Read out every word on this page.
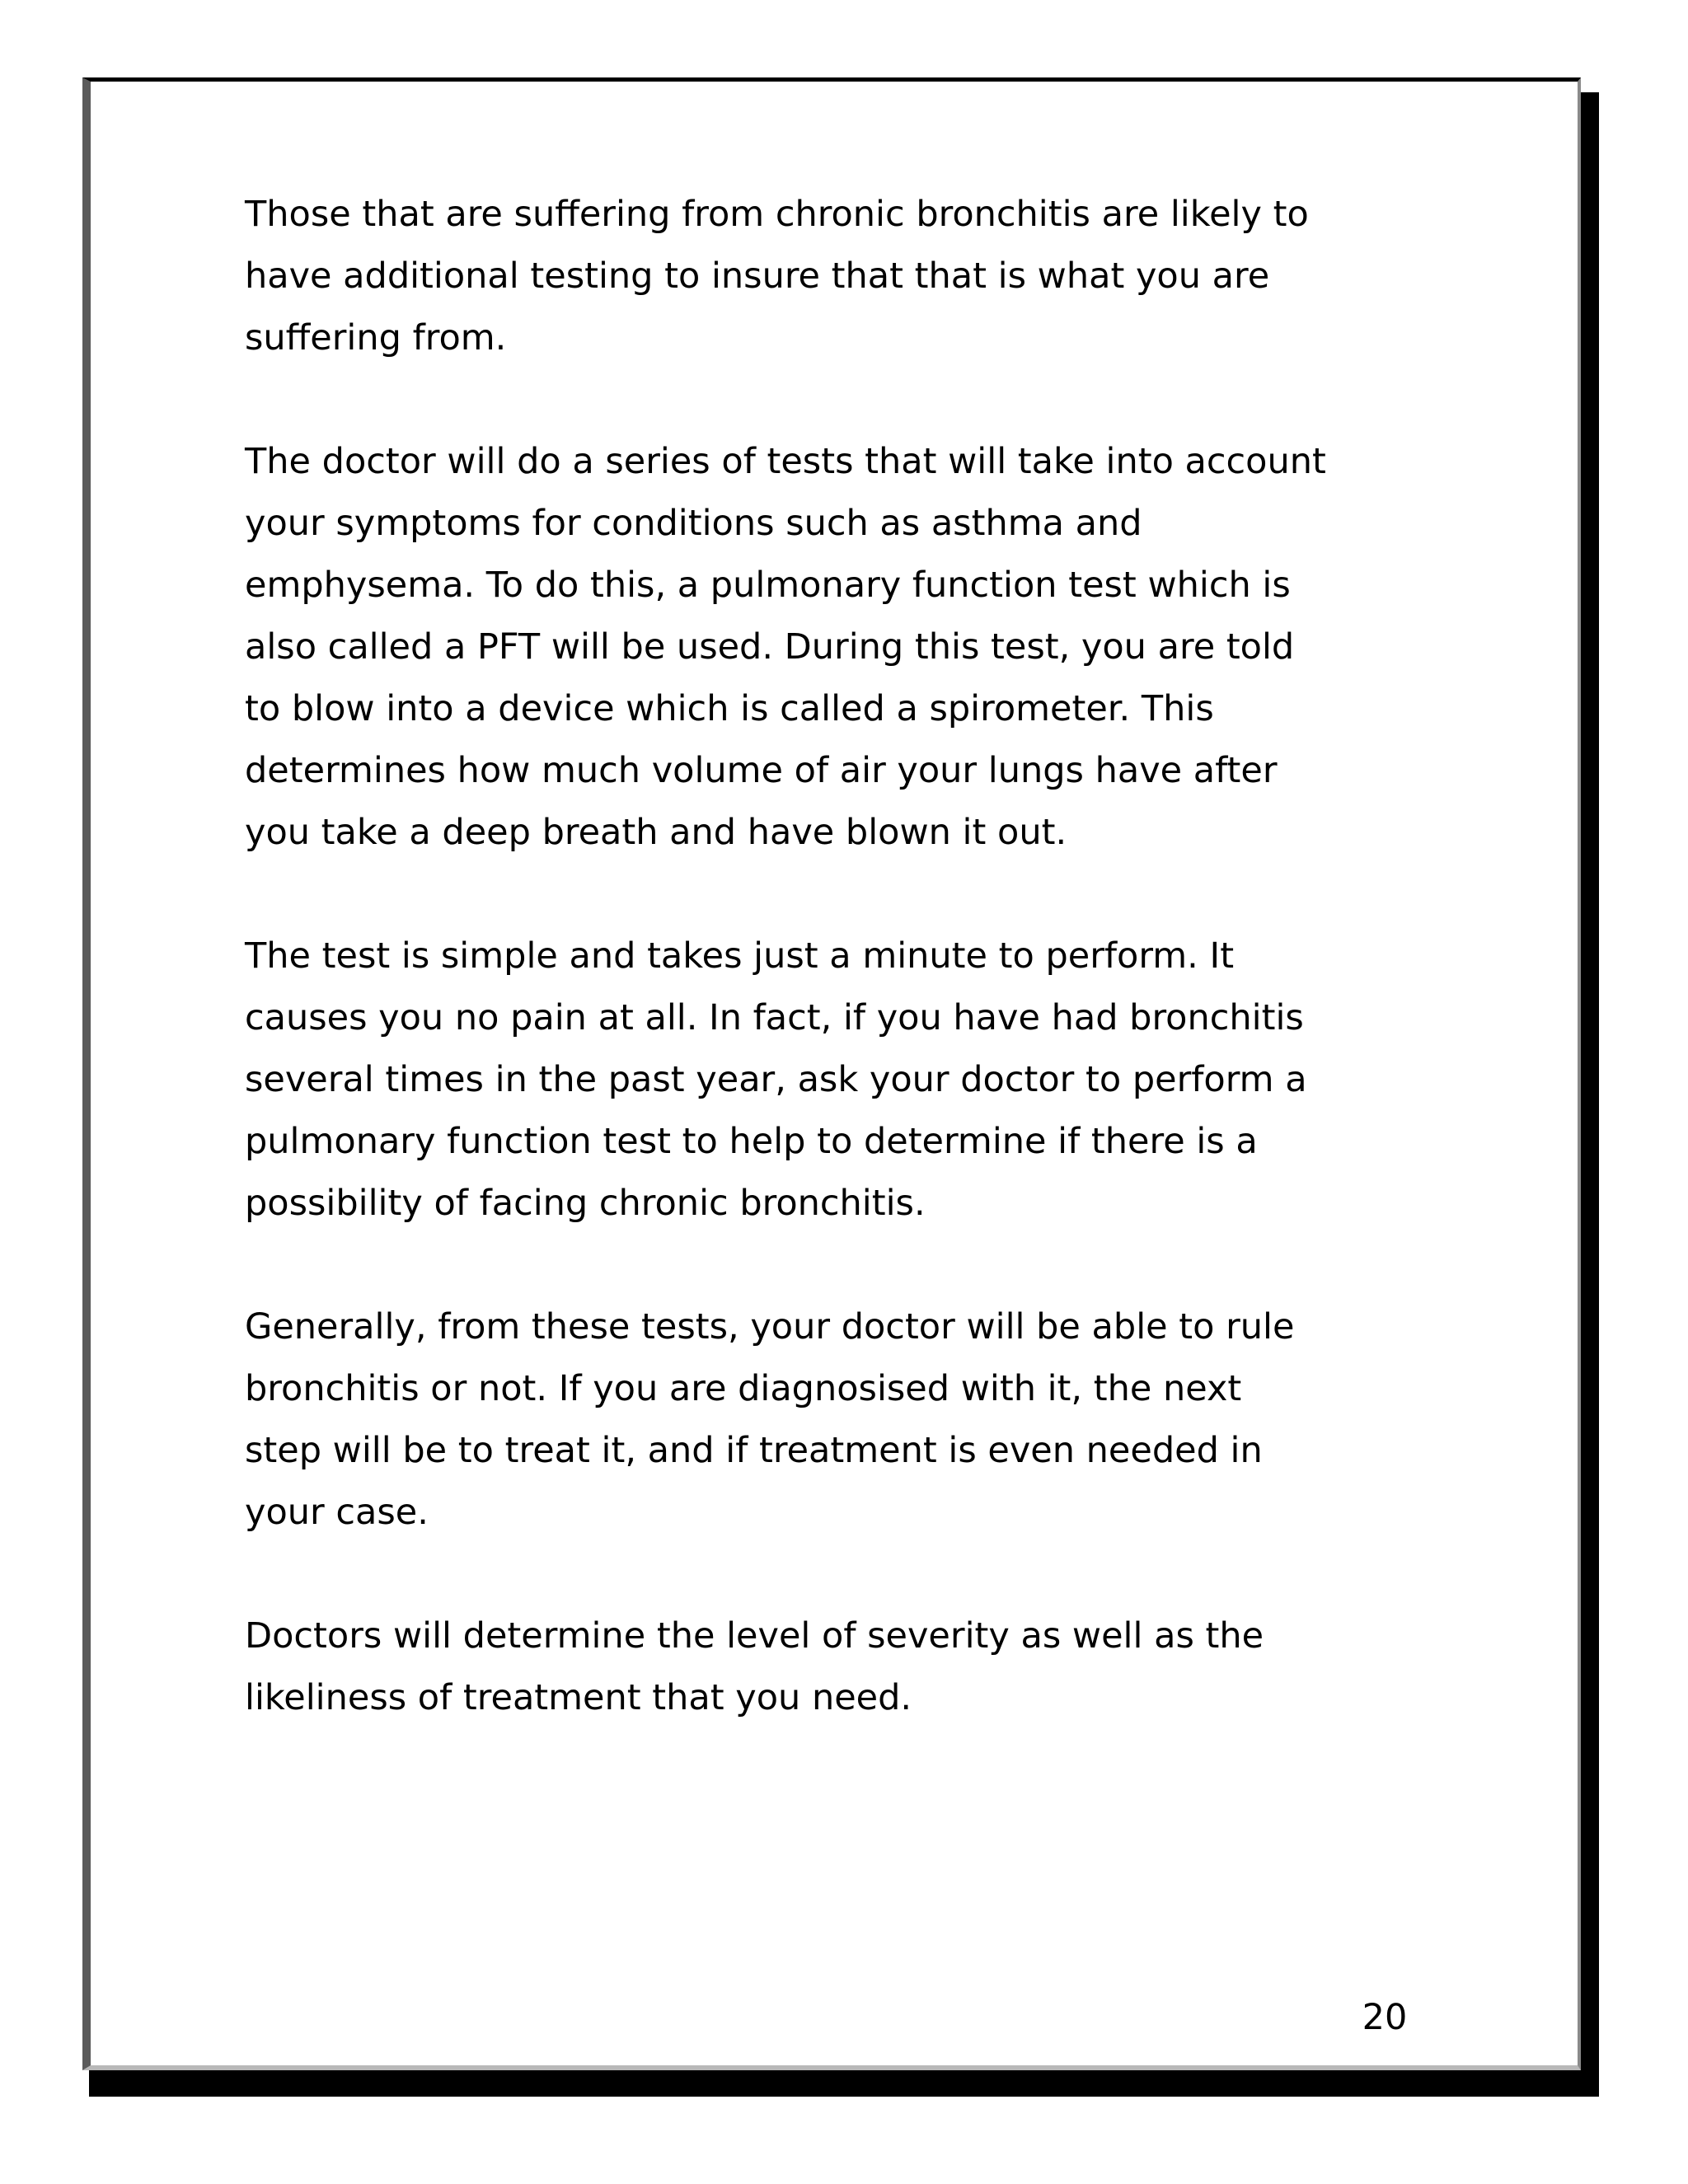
Those that are suffering from chronic bronchitis are likely to
have additional testing to insure that that is what you are
suffering from.

The doctor will do a series of tests that will take into account
your symptoms for conditions such as asthma and
emphysema. To do this, a pulmonary function test which is
also called a PFT will be used. During this test, you are told
to blow into a device which is called a spirometer. This
determines how much volume of air your lungs have after
you take a deep breath and have blown it out.

The test is simple and takes just a minute to perform. It
causes you no pain at all. In fact, if you have had bronchitis
several times in the past year, ask your doctor to perform a
pulmonary function test to help to determine if there is a
possibility of facing chronic bronchitis.

Generally, from these tests, your doctor will be able to rule
bronchitis or not. If you are diagnosised with it, the next
step will be to treat it, and if treatment is even needed in
your case.

Doctors will determine the level of severity as well as the
likeliness of treatment that you need.

20
